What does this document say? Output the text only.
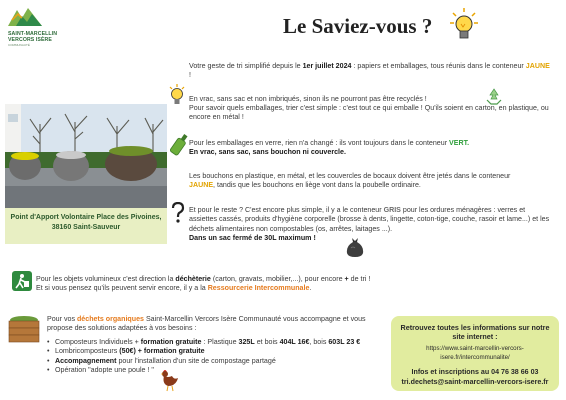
SAINT-MARCELLIN
VERCORS ISÈRE
COMMUNAUTÉ
Le Saviez-vous ?
Votre geste de tri simplifié depuis le 1er juillet 2024 : papiers et emballages, tous réunis dans le conteneur JAUNE !
En vrac, sans sac et non imbriqués, sinon ils ne pourront pas être recyclés !
Pour savoir quels emballages, trier c'est simple : c'est tout ce qui emballe ! Qu'ils soient en carton, en plastique, ou encore en métal !
Pour les emballages en verre, rien n'a changé : ils vont toujours dans le conteneur VERT.
En vrac, sans sac, sans bouchon ni couvercle.
Les bouchons en plastique, en métal, et les couvercles de bocaux doivent être jetés dans le conteneur JAUNE, tandis que les bouchons en liège vont dans la poubelle ordinaire.
Et pour le reste ? C'est encore plus simple, il y a le conteneur GRIS pour les ordures ménagères : verres et assiettes cassés, produits d'hygiène corporelle (brosse à dents, lingette, coton-tige, couche, rasoir et lame...) et les déchets alimentaires non compostables (os, arrêtes, laitages ...).
Dans un sac fermé de 30L maximum !
Point d'Apport Volontaire Place des Pivoines, 38160 Saint-Sauveur
Pour les objets volumineux c'est direction la déchèterie (carton, gravats, mobilier,...), pour encore + de tri !
Et si vous pensez qu'ils peuvent servir encore, il y a la Ressourcerie Intercommunale.
Pour vos déchets organiques Saint-Marcellin Vercors Isère Communauté vous accompagne et vous propose des solutions adaptées à vos besoins :
• Composteurs Individuels + formation gratuite : Plastique 325L et bois 404L 16€, bois 603L 23 €
• Lombricomposteurs (50€) + formation gratuite
• Accompagnement pour l'installation d'un site de compostage partagé
• Opération "adopte une poule ! "
Retrouvez toutes les informations sur notre site internet :
https://www.saint-marcellin-vercors-isere.fr/intercommunalite/
Infos et inscriptions au 04 76 38 66 03
tri.dechets@saint-marcellin-vercors-isere.fr
